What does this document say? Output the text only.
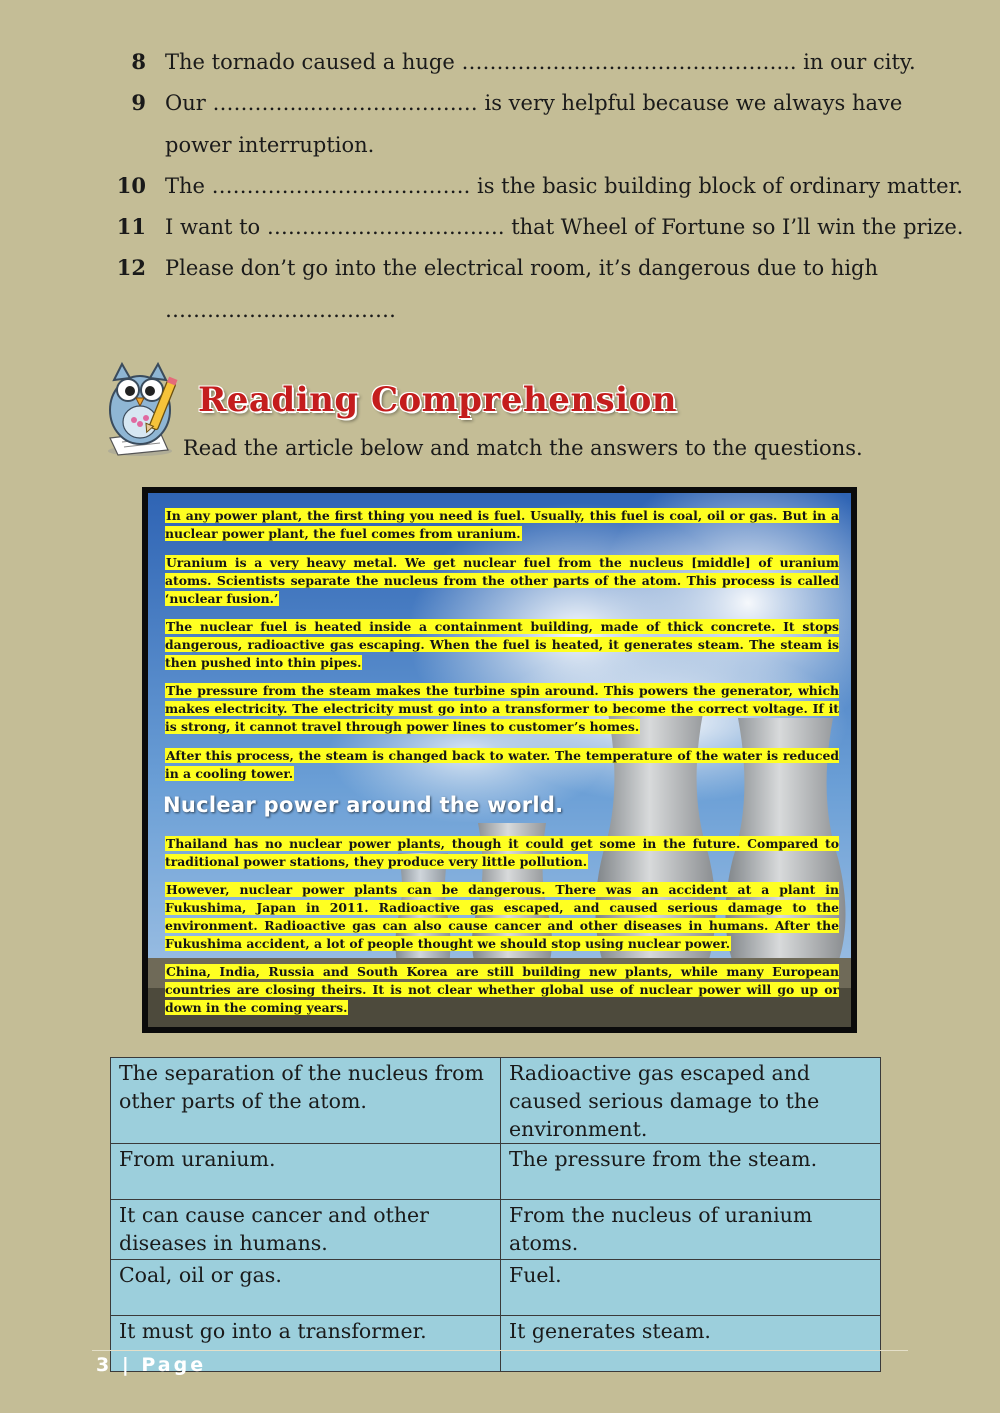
8 The tornado caused a huge ………………………………………... in our city.
9 Our …………..…………………… is very helpful because we always have
power interruption.
10 The ………………………………. is the basic building block of ordinary matter.
11 I want to ……………………………. that Wheel of Fortune so I’ll win the prize.
12 Please don’t go into the electrical room, it’s dangerous due to high
……………………………
Reading Comprehension
Read the article below and match the answers to the questions.
In any power plant, the first thing you need is fuel. Usually, this fuel is coal, oil or gas. But in a nuclear power plant, the fuel comes from uranium.
Uranium is a very heavy metal. We get nuclear fuel from the nucleus [middle] of uranium atoms. Scientists separate the nucleus from the other parts of the atom. This process is called ‘nuclear fusion.’
The nuclear fuel is heated inside a containment building, made of thick concrete. It stops dangerous, radioactive gas escaping. When the fuel is heated, it generates steam. The steam is then pushed into thin pipes.
The pressure from the steam makes the turbine spin around. This powers the generator, which makes electricity. The electricity must go into a transformer to become the correct voltage. If it is strong, it cannot travel through power lines to customer’s homes.
After this process, the steam is changed back to water. The temperature of the water is reduced in a cooling tower.
Nuclear power around the world.
Thailand has no nuclear power plants, though it could get some in the future. Compared to traditional power stations, they produce very little pollution.
However, nuclear power plants can be dangerous. There was an accident at a plant in Fukushima, Japan in 2011. Radioactive gas escaped, and caused serious damage to the environment. Radioactive gas can also cause cancer and other diseases in humans. After the Fukushima accident, a lot of people thought we should stop using nuclear power.
China, India, Russia and South Korea are still building new plants, while many European countries are closing theirs. It is not clear whether global use of nuclear power will go up or down in the coming years.
The separation of the nucleus from other parts of the atom.	Radioactive gas escaped and caused serious damage to the environment.
From uranium.	The pressure from the steam.
It can cause cancer and other diseases in humans.	From the nucleus of uranium atoms.
Coal, oil or gas.	Fuel.
It must go into a transformer.	It generates steam.
3 | Page
